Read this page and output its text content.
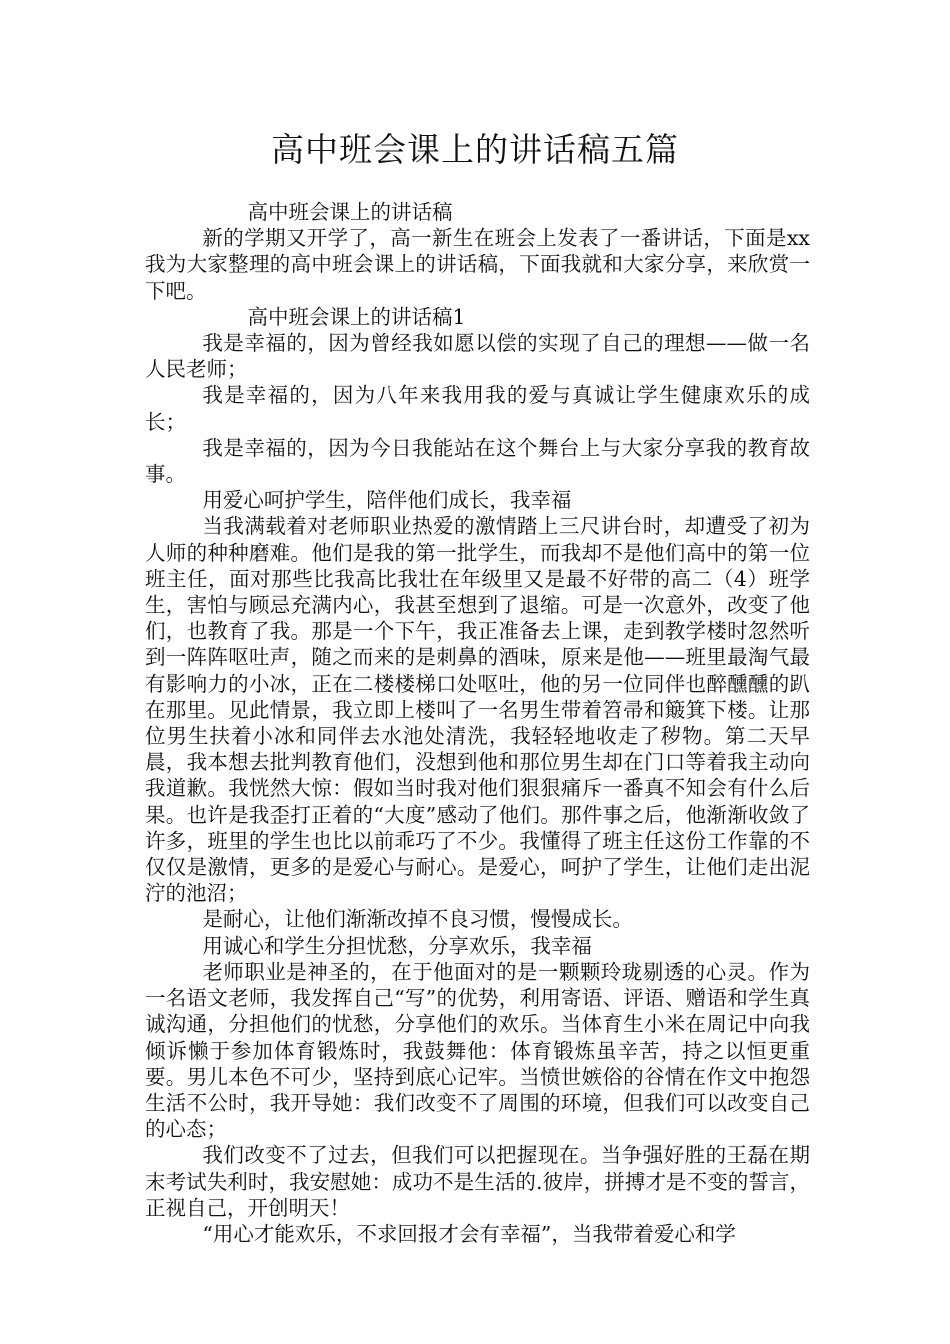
高中班会课上的讲话稿五篇

高中班会课上的讲话稿

新的学期又开学了，高一新生在班会上发表了一番讲话，下面是xx我为大家整理的高中班会课上的讲话稿，下面我就和大家分享，来欣赏一下吧。

高中班会课上的讲话稿1

我是幸福的，因为曾经我如愿以偿的实现了自己的理想——做一名人民老师；

我是幸福的，因为八年来我用我的爱与真诚让学生健康欢乐的成长；

我是幸福的，因为今日我能站在这个舞台上与大家分享我的教育故事。

用爱心呵护学生，陪伴他们成长，我幸福

当我满载着对老师职业热爱的激情踏上三尺讲台时，却遭受了初为人师的种种磨难。他们是我的第一批学生，而我却不是他们高中的第一位班主任，面对那些比我高比我壮在年级里又是最不好带的高二（4）班学生，害怕与顾忌充满内心，我甚至想到了退缩。可是一次意外，改变了他们，也教育了我。那是一个下午，我正准备去上课，走到教学楼时忽然听到一阵阵呕吐声，随之而来的是刺鼻的酒味，原来是他——班里最淘气最有影响力的小冰，正在二楼楼梯口处呕吐，他的另一位同伴也醉醺醺的趴在那里。见此情景，我立即上楼叫了一名男生带着笤帚和簸箕下楼。让那位男生扶着小冰和同伴去水池处清洗，我轻轻地收走了秽物。第二天早晨，我本想去批判教育他们，没想到他和那位男生却在门口等着我主动向我道歉。我恍然大惊：假如当时我对他们狠狠痛斥一番真不知会有什么后果。也许是我歪打正着的“大度”感动了他们。那件事之后，他渐渐收敛了许多，班里的学生也比以前乖巧了不少。我懂得了班主任这份工作靠的不仅仅是激情，更多的是爱心与耐心。是爱心，呵护了学生，让他们走出泥泞的池沼；

是耐心，让他们渐渐改掉不良习惯，慢慢成长。

用诚心和学生分担忧愁，分享欢乐，我幸福

老师职业是神圣的，在于他面对的是一颗颗玲珑剔透的心灵。作为一名语文老师，我发挥自己“写”的优势，利用寄语、评语、赠语和学生真诚沟通，分担他们的忧愁，分享他们的欢乐。当体育生小米在周记中向我倾诉懒于参加体育锻炼时，我鼓舞他：体育锻炼虽辛苦，持之以恒更重要。男儿本色不可少，坚持到底心记牢。当愤世嫉俗的谷情在作文中抱怨生活不公时，我开导她：我们改变不了周围的环境，但我们可以改变自己的心态；

我们改变不了过去，但我们可以把握现在。当争强好胜的王磊在期末考试失利时，我安慰她：成功不是生活的.彼岸，拼搏才是不变的誓言，正视自己，开创明天！

“用心才能欢乐，不求回报才会有幸福”，当我带着爱心和学
